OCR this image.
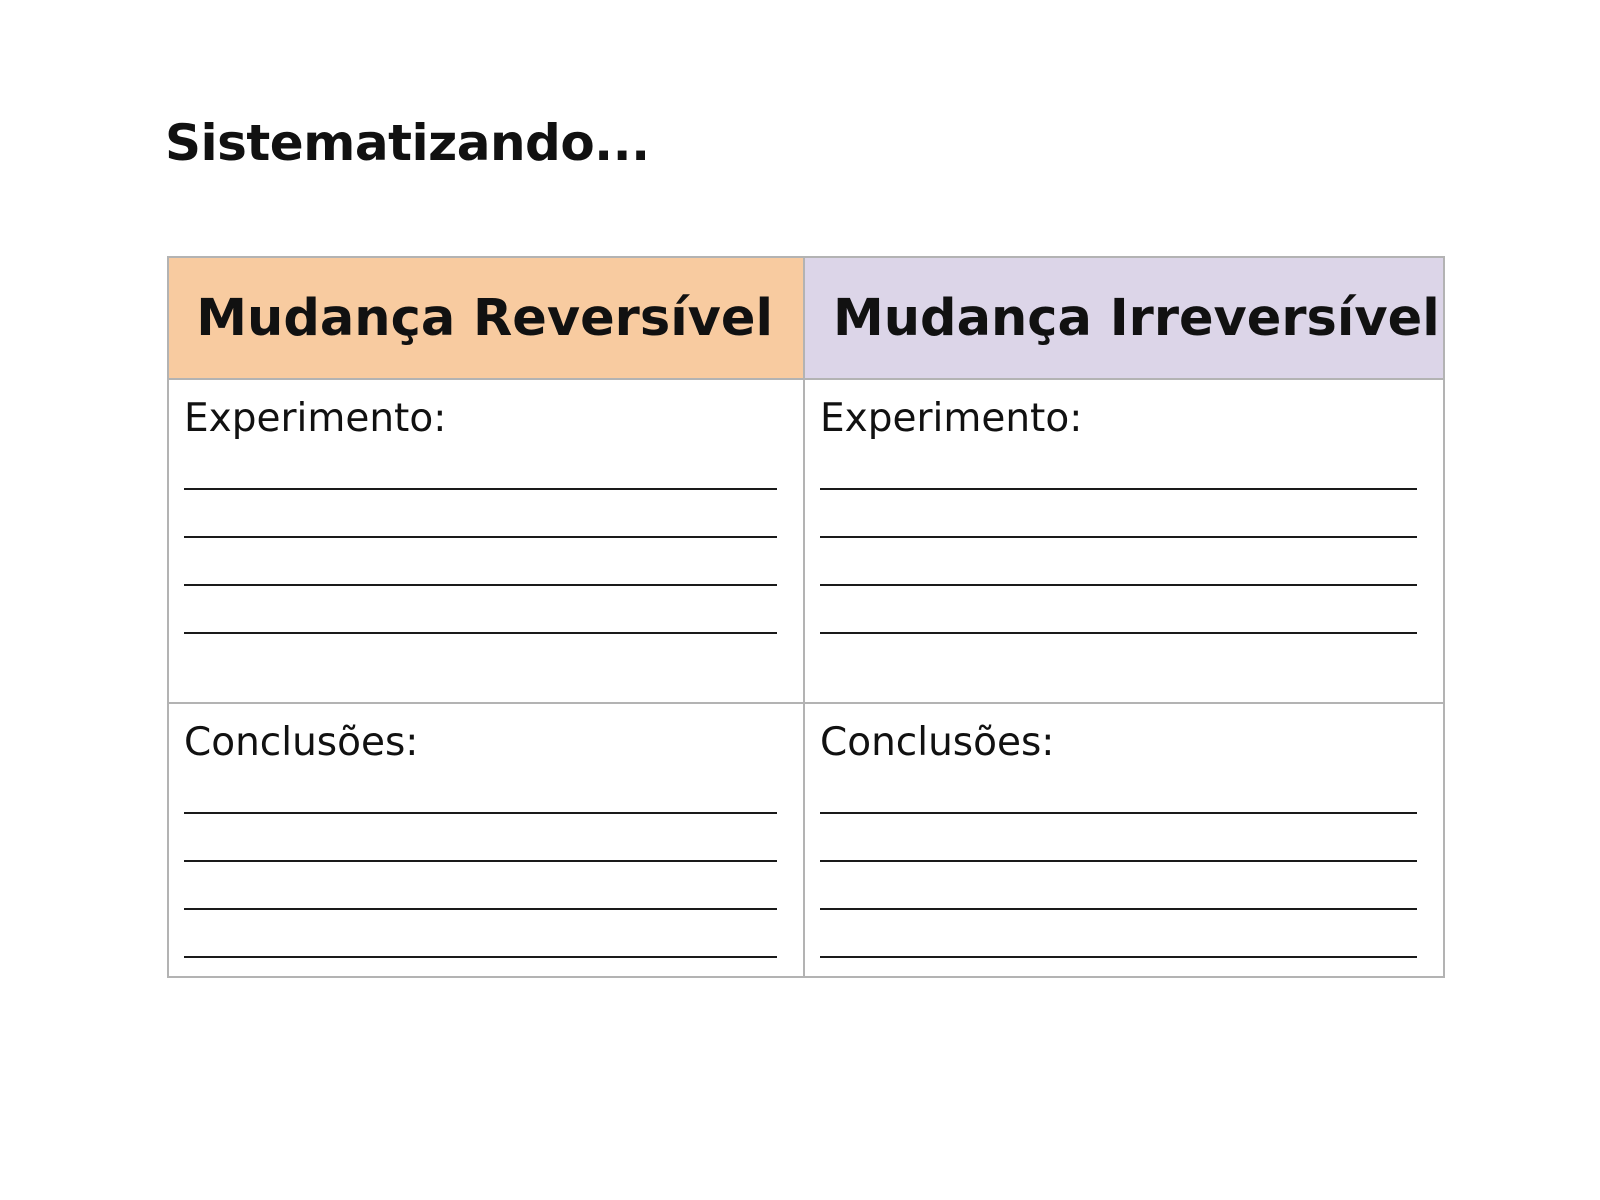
Sistematizando...
Mudança Reversível	Mudança Irreversível

Experimento:	Experimento:

Conclusões:	Conclusões:
